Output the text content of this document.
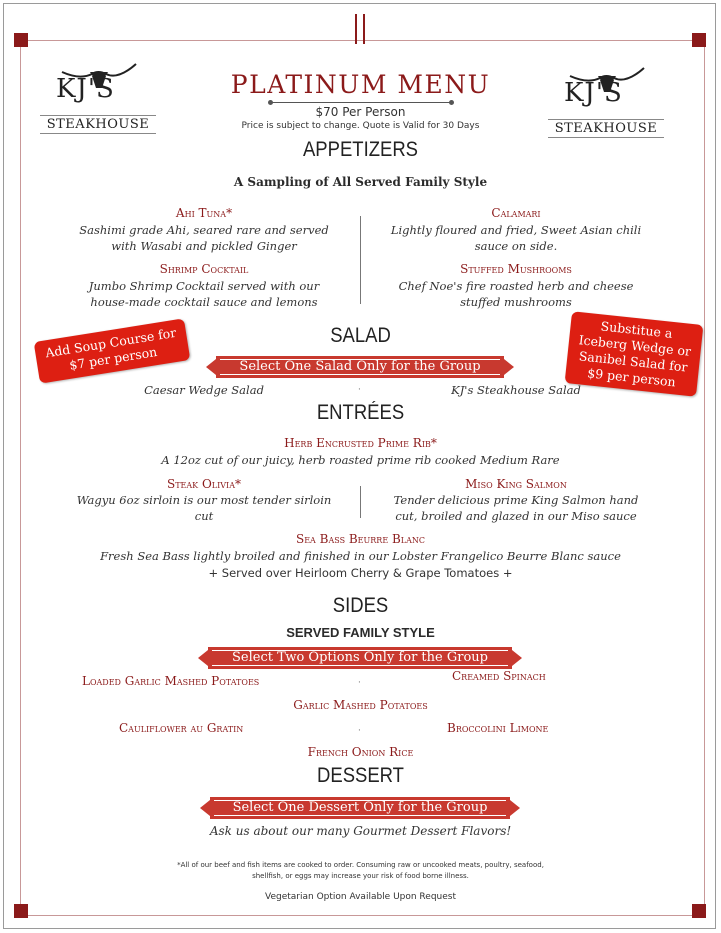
KJ'S
STEAKHOUSE
KJ'S
STEAKHOUSE
PLATINUM MENU
$70 Per Person
Price is subject to change. Quote is Valid for 30 Days
APPETIZERS
A Sampling of All Served Family Style
Ahi Tuna*
Sashimi grade Ahi, seared rare and served with Wasabi and pickled Ginger
Calamari
Lightly floured and fried, Sweet Asian chili sauce on side.
Shrimp Cocktail
Jumbo Shrimp Cocktail served with our house-made cocktail sauce and lemons
Stuffed Mushrooms
Chef Noe's fire roasted herb and cheese stuffed mushrooms
Add Soup Course for $7 per person
Substitue a Iceberg Wedge or Sanibel Salad for $9 per person
SALAD
Select One Salad Only for the Group
Caesar Wedge Salad	KJ's Steakhouse Salad
·
ENTRÉES
Herb Encrusted Prime Rib*
A 12oz cut of our juicy, herb roasted prime rib cooked Medium Rare
Steak Olivia*
Wagyu 6oz sirloin is our most tender sirloin cut
Miso King Salmon
Tender delicious prime King Salmon hand cut, broiled and glazed in our Miso sauce
Sea Bass Beurre Blanc
Fresh Sea Bass lightly broiled and finished in our Lobster Frangelico Beurre Blanc sauce
+ Served over Heirloom Cherry & Grape Tomatoes +
SIDES
SERVED FAMILY STYLE
Select Two Options Only for the Group
Loaded Garlic Mashed Potatoes	Creamed Spinach
·
Garlic Mashed Potatoes
Cauliflower au Gratin	Broccolini Limone
·
French Onion Rice
DESSERT
Select One Dessert Only for the Group
Ask us about our many Gourmet Dessert Flavors!
*All of our beef and fish items are cooked to order. Consuming raw or uncooked meats, poultry, seafood,
shellfish, or eggs may increase your risk of food borne illness.
Vegetarian Option Available Upon Request
